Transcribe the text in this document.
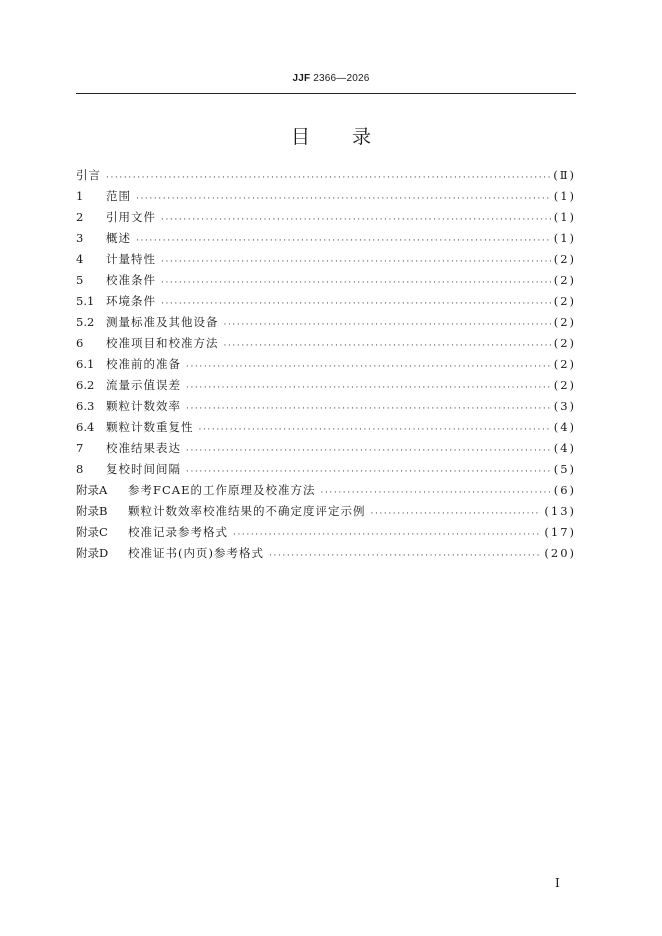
JJF 2366—2026
目录
引言 ·····	(Ⅱ)
1	范围 ·····	(1)
2	引用文件 ·····	(1)
3	概述 ·····	(1)
4	计量特性 ·····	(2)
5	校准条件 ·····	(2)
5.1	环境条件 ·····	(2)
5.2	测量标准及其他设备 ·····	(2)
6	校准项目和校准方法 ·····	(2)
6.1	校准前的准备 ·····	(2)
6.2	流量示值误差 ·····	(2)
6.3	颗粒计数效率 ·····	(3)
6.4	颗粒计数重复性 ·····	(4)
7	校准结果表达 ·····	(4)
8	复校时间间隔 ·····	(5)
附录A	参考FCAE的工作原理及校准方法 ·····	(6)
附录B	颗粒计数效率校准结果的不确定度评定示例 ·····	(13)
附录C	校准记录参考格式 ·····	(17)
附录D	校准证书(内页)参考格式 ·····	(20)
I
